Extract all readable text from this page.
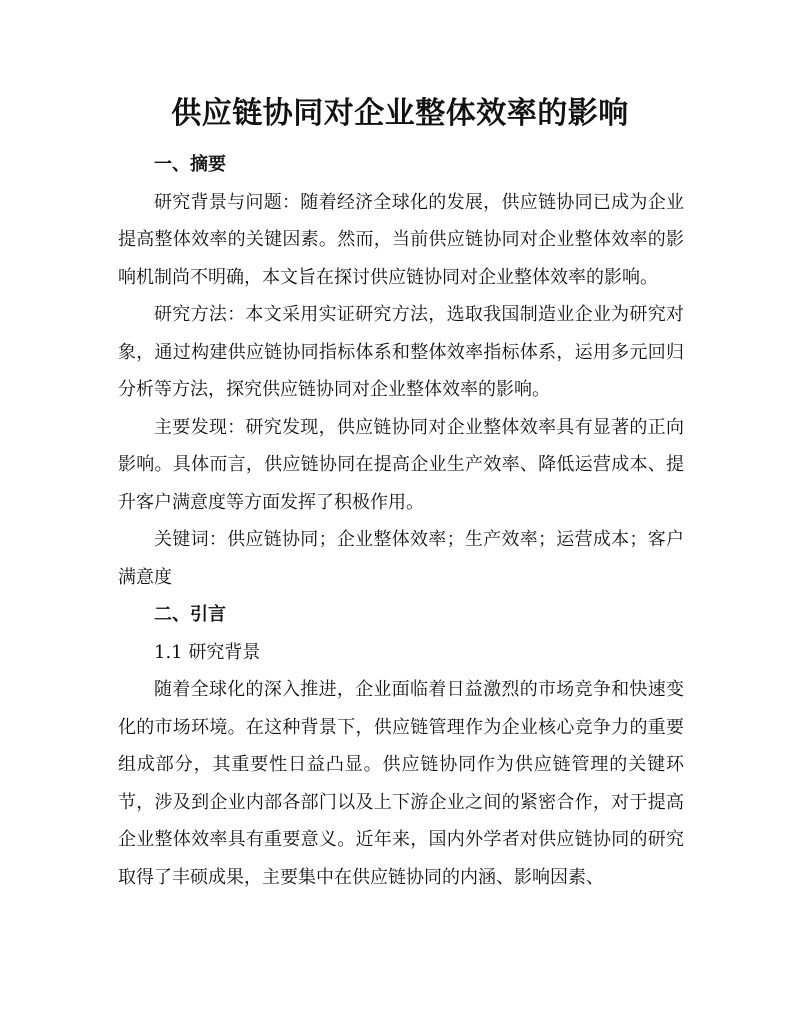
供应链协同对企业整体效率的影响

一、摘要

研究背景与问题：随着经济全球化的发展，供应链协同已成为企业提高整体效率的关键因素。然而，当前供应链协同对企业整体效率的影响机制尚不明确，本文旨在探讨供应链协同对企业整体效率的影响。

研究方法：本文采用实证研究方法，选取我国制造业企业为研究对象，通过构建供应链协同指标体系和整体效率指标体系，运用多元回归分析等方法，探究供应链协同对企业整体效率的影响。

主要发现：研究发现，供应链协同对企业整体效率具有显著的正向影响。具体而言，供应链协同在提高企业生产效率、降低运营成本、提升客户满意度等方面发挥了积极作用。

关键词：供应链协同；企业整体效率；生产效率；运营成本；客户满意度

二、引言

1.1 研究背景

随着全球化的深入推进，企业面临着日益激烈的市场竞争和快速变化的市场环境。在这种背景下，供应链管理作为企业核心竞争力的重要组成部分，其重要性日益凸显。供应链协同作为供应链管理的关键环节，涉及到企业内部各部门以及上下游企业之间的紧密合作，对于提高企业整体效率具有重要意义。近年来，国内外学者对供应链协同的研究取得了丰硕成果，主要集中在供应链协同的内涵、影响因素、
